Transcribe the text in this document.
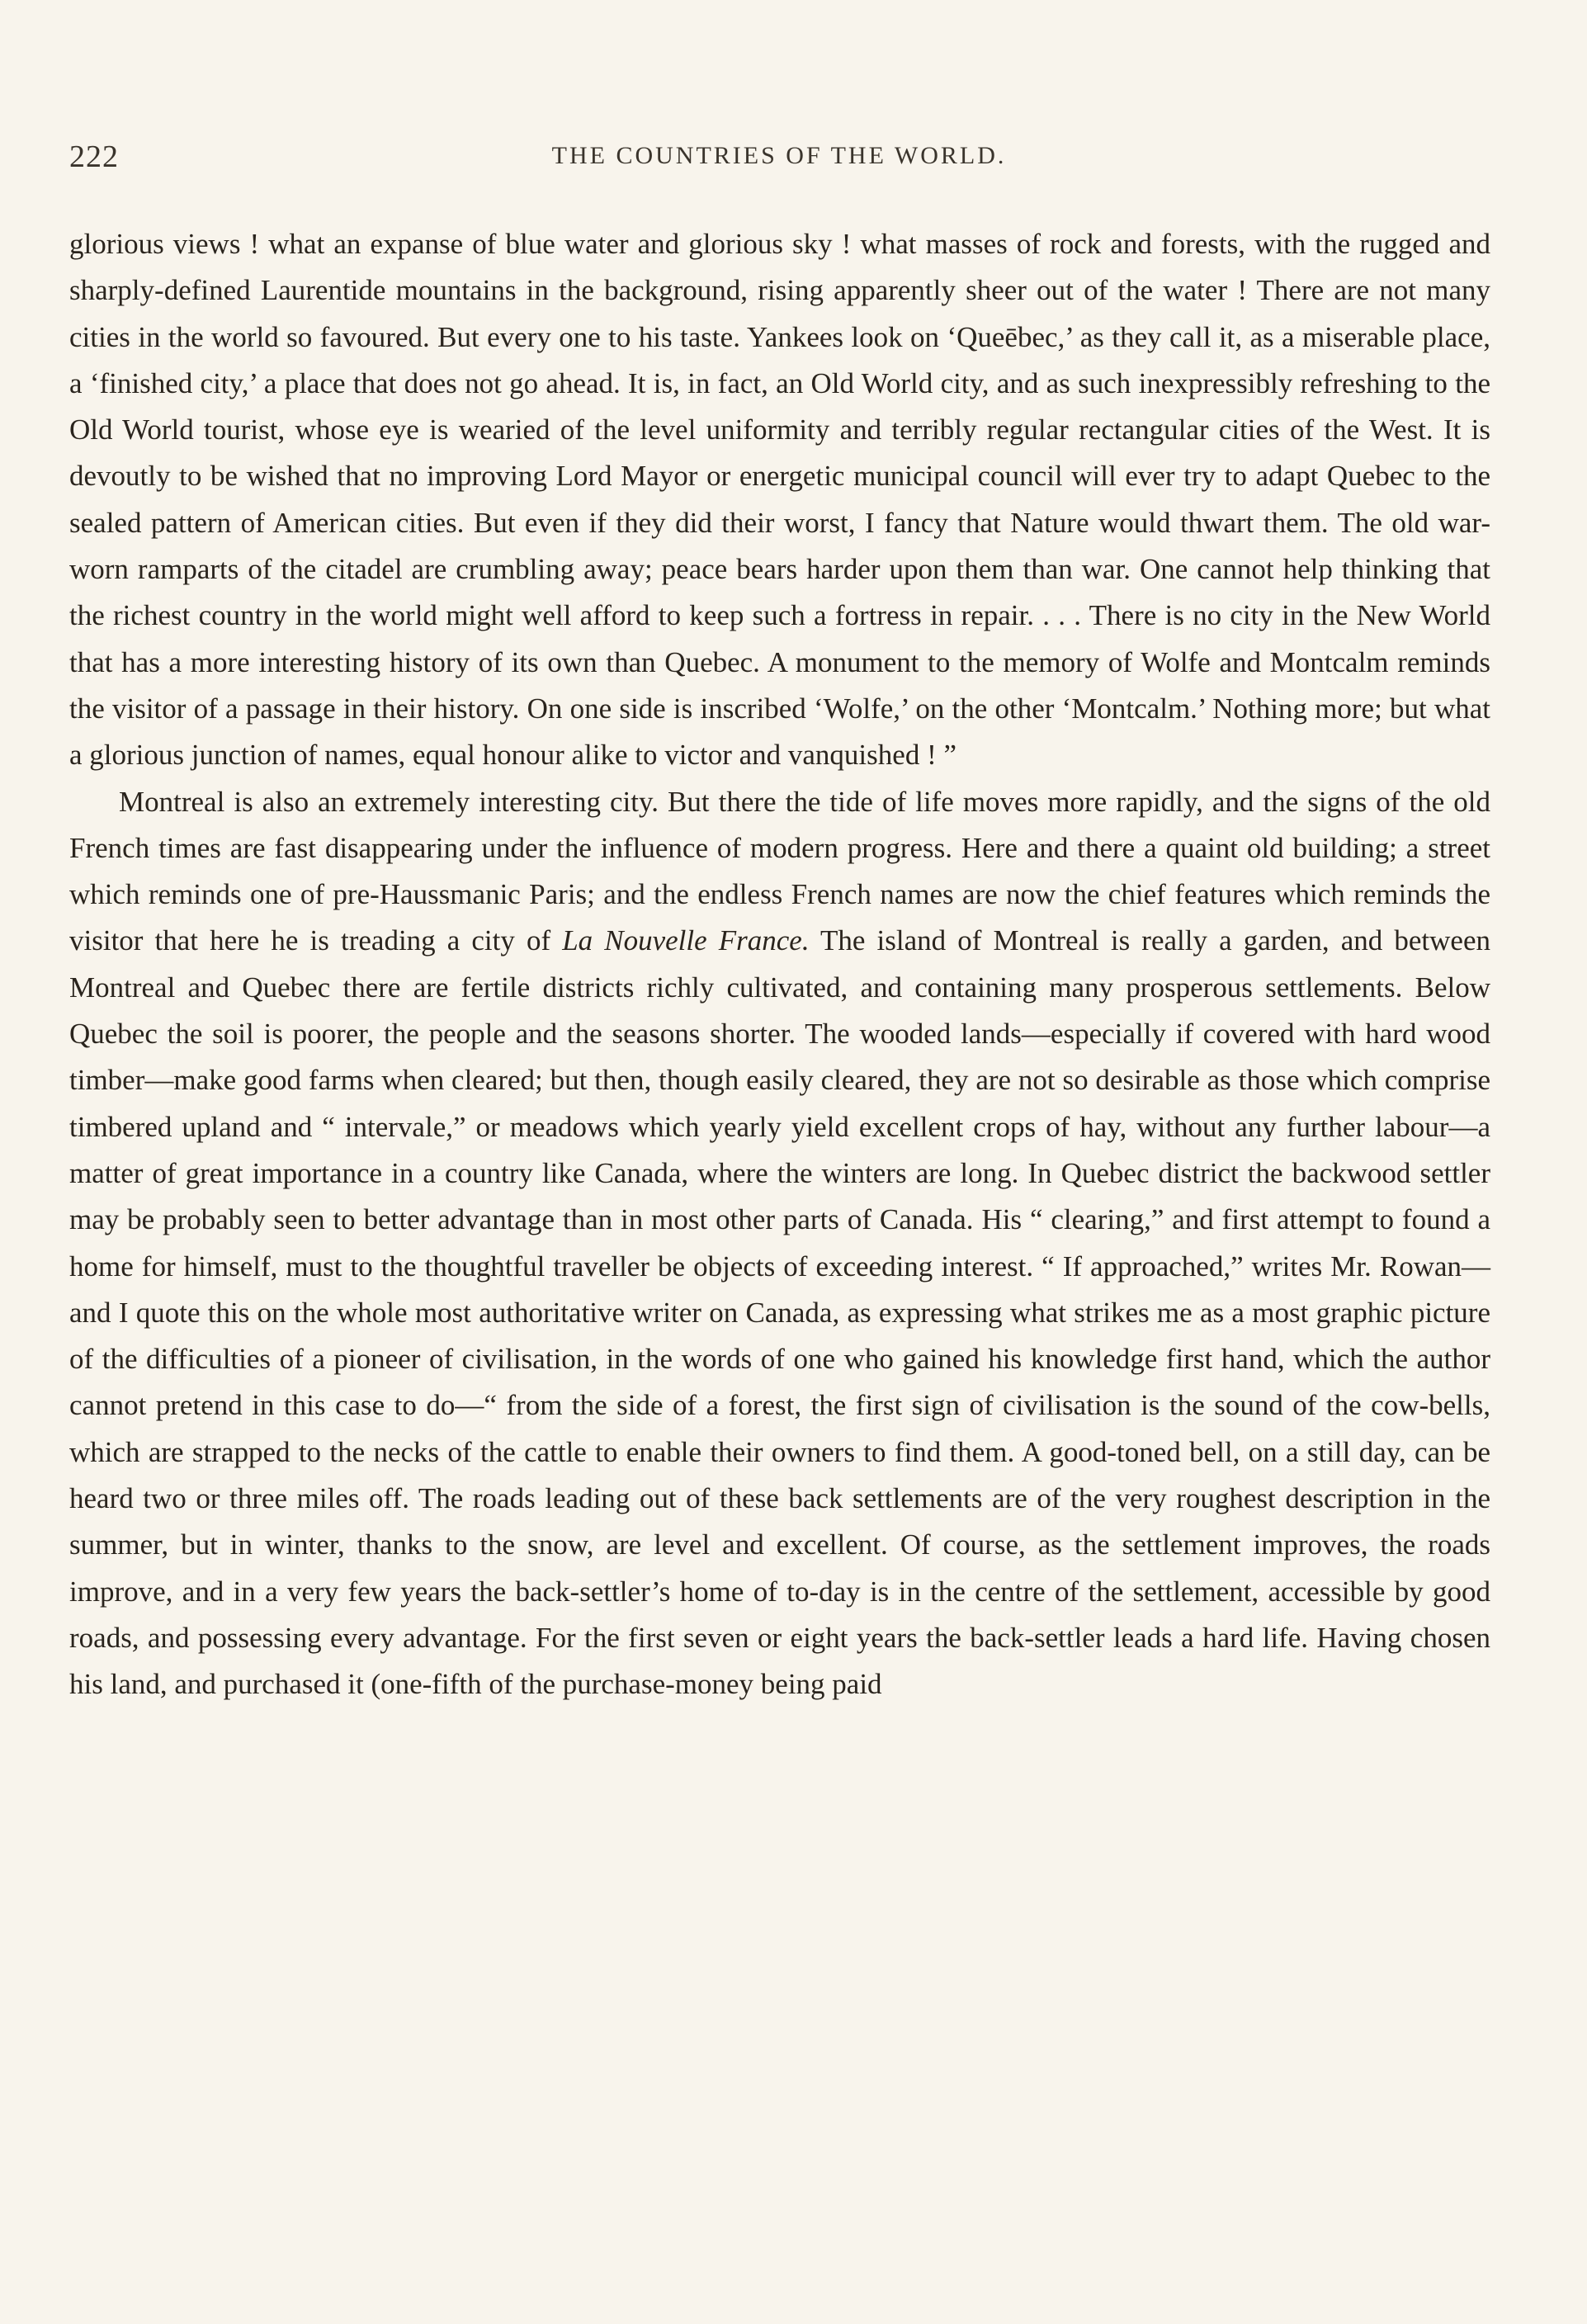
222	THE COUNTRIES OF THE WORLD.

glorious views ! what an expanse of blue water and glorious sky ! what masses of rock and forests, with the rugged and sharply-defined Laurentide mountains in the background, rising apparently sheer out of the water ! There are not many cities in the world so favoured. But every one to his taste. Yankees look on ‘Queēbec,’ as they call it, as a miserable place, a ‘finished city,’ a place that does not go ahead. It is, in fact, an Old World city, and as such inexpressibly refreshing to the Old World tourist, whose eye is wearied of the level uniformity and terribly regular rectangular cities of the West. It is devoutly to be wished that no improving Lord Mayor or energetic municipal council will ever try to adapt Quebec to the sealed pattern of American cities. But even if they did their worst, I fancy that Nature would thwart them. The old war-worn ramparts of the citadel are crumbling away; peace bears harder upon them than war. One cannot help thinking that the richest country in the world might well afford to keep such a fortress in repair. . . . There is no city in the New World that has a more interesting history of its own than Quebec. A monument to the memory of Wolfe and Montcalm reminds the visitor of a passage in their history. On one side is inscribed ‘Wolfe,’ on the other ‘Montcalm.’ Nothing more; but what a glorious junction of names, equal honour alike to victor and vanquished ! ”

Montreal is also an extremely interesting city. But there the tide of life moves more rapidly, and the signs of the old French times are fast disappearing under the influence of modern progress. Here and there a quaint old building; a street which reminds one of pre-Haussmanic Paris; and the endless French names are now the chief features which reminds the visitor that here he is treading a city of La Nouvelle France. The island of Montreal is really a garden, and between Montreal and Quebec there are fertile districts richly cultivated, and containing many prosperous settlements. Below Quebec the soil is poorer, the people and the seasons shorter. The wooded lands—especially if covered with hard wood timber—make good farms when cleared; but then, though easily cleared, they are not so desirable as those which comprise timbered upland and “ intervale,” or meadows which yearly yield excellent crops of hay, without any further labour—a matter of great importance in a country like Canada, where the winters are long. In Quebec district the backwood settler may be probably seen to better advantage than in most other parts of Canada. His “ clearing,” and first attempt to found a home for himself, must to the thoughtful traveller be objects of exceeding interest. “ If approached,” writes Mr. Rowan—and I quote this on the whole most authoritative writer on Canada, as expressing what strikes me as a most graphic picture of the difficulties of a pioneer of civilisation, in the words of one who gained his knowledge first hand, which the author cannot pretend in this case to do—“ from the side of a forest, the first sign of civilisation is the sound of the cow-bells, which are strapped to the necks of the cattle to enable their owners to find them. A good-toned bell, on a still day, can be heard two or three miles off. The roads leading out of these back settlements are of the very roughest description in the summer, but in winter, thanks to the snow, are level and excellent. Of course, as the settlement improves, the roads improve, and in a very few years the back-settler’s home of to-day is in the centre of the settlement, accessible by good roads, and possessing every advantage. For the first seven or eight years the back-settler leads a hard life. Having chosen his land, and purchased it (one-fifth of the purchase-money being paid
